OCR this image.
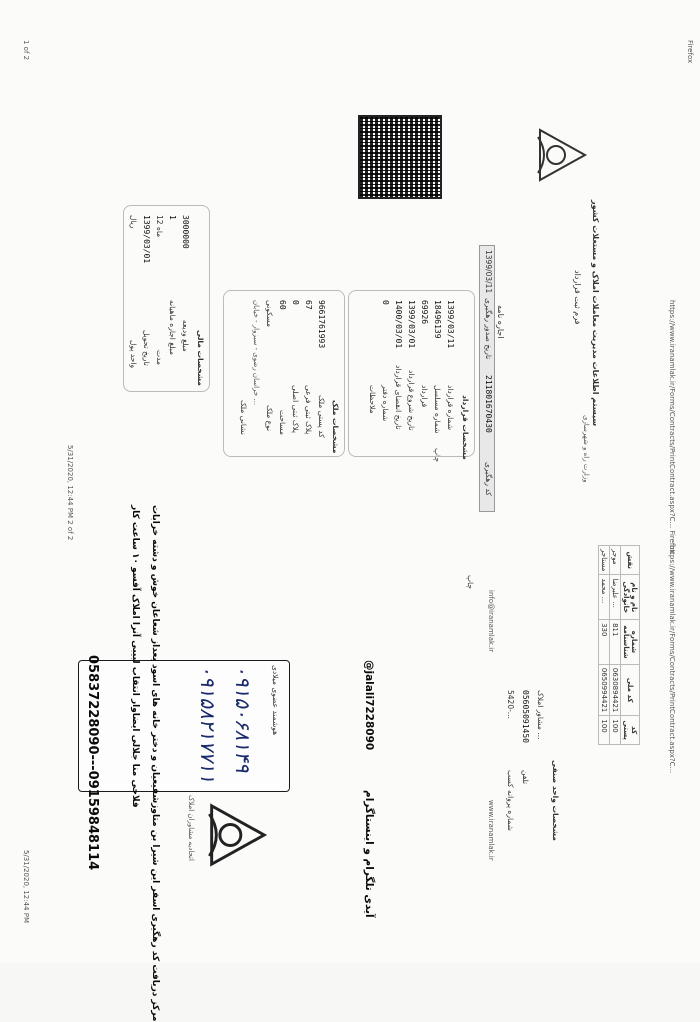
Firefox
https://www.iranamlak.ir/Forms/Contracts/PrintContract.aspx?C... Firefox
1 of 2
5/31/2020, 12:44 PM 2 of 2
سیستم اطلاعات مدیریت معاملات املاک و مستغلات کشور
فرم ثبت قرارداد
اجاره نامه
وزارت راه و شهرسازی
1399/03/11
تاریخ صدور رهگیری
211801670430
کد رهگیری
چاپ	مشخصات قرارداد
1399/03/11
شماره قرارداد
18496139
شماره مسلسل
69926
قرارداد
1399/03/01
تاریخ شروع قرارداد
1400/03/01
تاریخ انقضای قرارداد
0
شماره دفتر
ملاحظات
مشخصات ملک
9661761993
کد پستی ملک
67
پلاک ثبتی فرعی
0
پلاک ثبتی اصلی
60
مساحت
مسکونی
نوع ملک
خراسان رضوی - سبزوار - خیابان ...
نشانی ملک
مشخصات مالی
3000000
مبلغ ودیعه
1
مبلغ اجاره ماهیانه
12 ماه
مدت
1399/03/01
تاریخ تحویل
ریال
واحد پول
https://www.iranamlak.ir/Forms/Contracts/PrintContract.aspx?C...
نقش	نام و نام خانوادگی	شماره شناسنامه	کد ملی	کد پستی
موجر	علیرضا ...	811	0630894421	100
مستاجر	محمد ...	330	0650994421	100
مشخصات واحد صنفی
مشاور املاک ...
05605091450
تلفن
5420-...
شماره پروانه کسب
info@iranamlak.ir
www.iranamlak.ir
چاپ
اتحادیه مشاوران املاک
هوشمند عضوی میلادی
۰۹۱۵۰۶۸۱۴۹
۰۹۱۵۸۲۱۷۷۱۱	@jalali7228090
آیدی تلگرام و اینستاگرام
مرکز دریافت کد رهگیری اسفر این شیرا بن متاوزشفیعیان و دختر خانه های اسود بعداز شعاعان خوش و دشته خرابات
فلاحی منا جلالی ایضاوار انتقاب لبیبی آنرا املاک آفسو ۱۰ ساعت کار
05837228090---09159848114
5/31/2020, 12:44 PM
